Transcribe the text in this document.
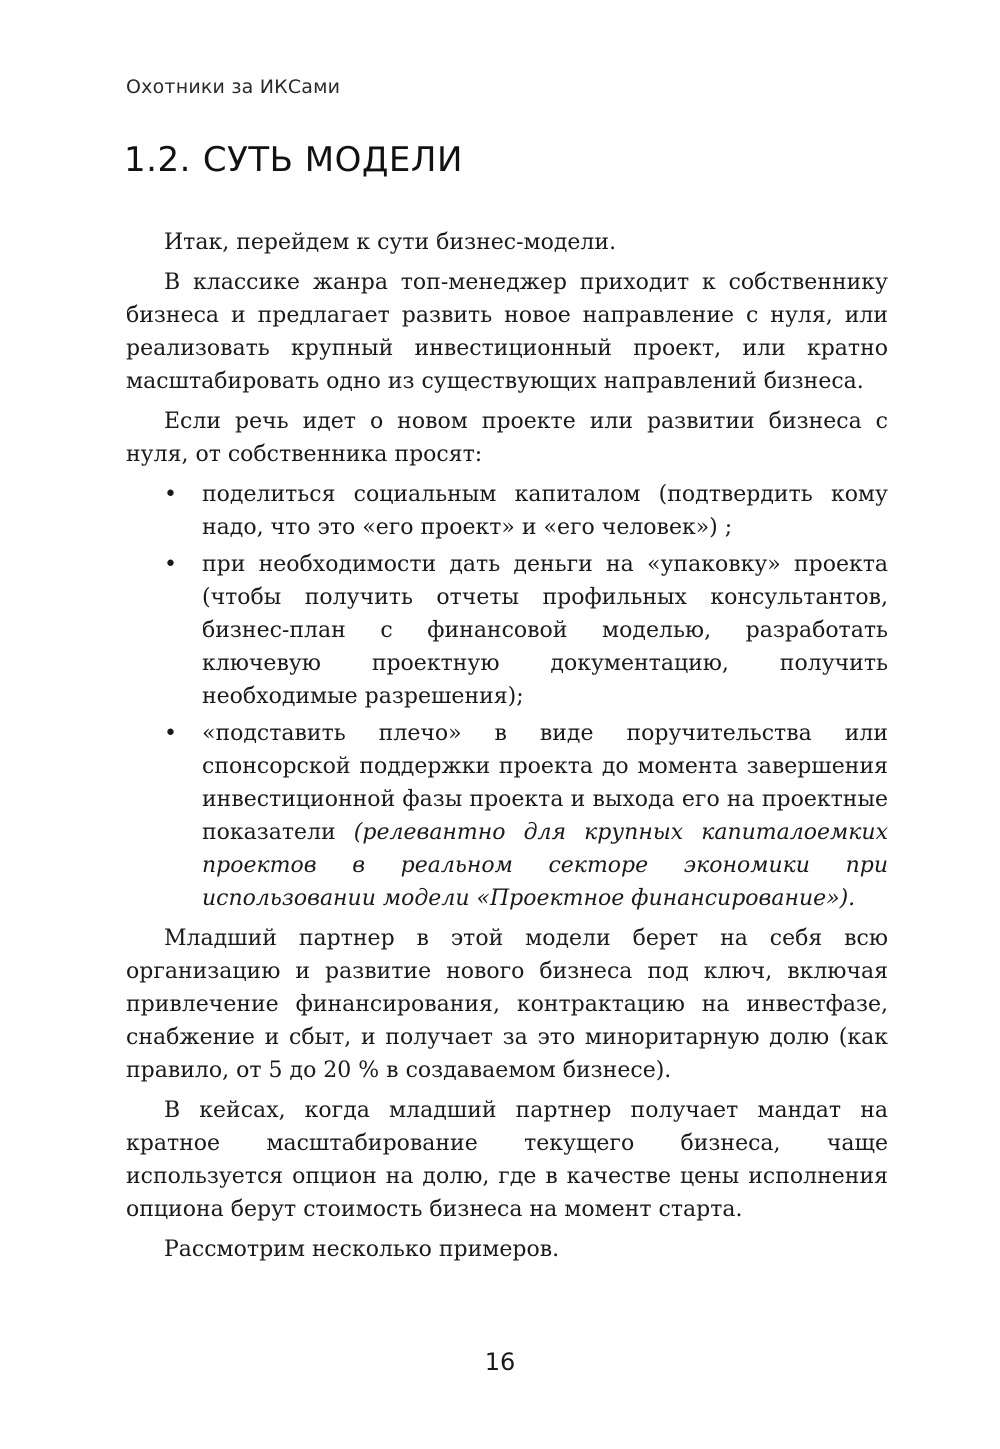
Охотники за ИКСами
1.2. СУТЬ МОДЕЛИ

Итак, перейдем к сути бизнес-модели.

В классике жанра топ-менеджер приходит к собственнику бизнеса и предлагает развить новое направление с нуля, или реализовать крупный инвестиционный проект, или кратно масштабировать одно из существующих направлений бизнеса.

Если речь идет о новом проекте или развитии бизнеса с нуля, от собственника просят:

• поделиться социальным капиталом (подтвердить кому надо, что это «его проект» и «его человек») ;
• при необходимости дать деньги на «упаковку» проекта (чтобы получить отчеты профильных консультантов, бизнес-план с финансовой моделью, разработать ключевую проектную документацию, получить необходимые разрешения);
• «подставить плечо» в виде поручительства или спонсорской поддержки проекта до момента завершения инвестиционной фазы проекта и выхода его на проектные показатели (релевантно для крупных капиталоемких проектов в реальном секторе экономики при использовании модели «Проектное финансирование»).

Младший партнер в этой модели берет на себя всю организацию и развитие нового бизнеса под ключ, включая привлечение финансирования, контрактацию на инвестфазе, снабжение и сбыт, и получает за это миноритарную долю (как правило, от 5 до 20 % в создаваемом бизнесе).

В кейсах, когда младший партнер получает мандат на кратное масштабирование текущего бизнеса, чаще используется опцион на долю, где в качестве цены исполнения опциона берут стоимость бизнеса на момент старта.

Рассмотрим несколько примеров.

16
